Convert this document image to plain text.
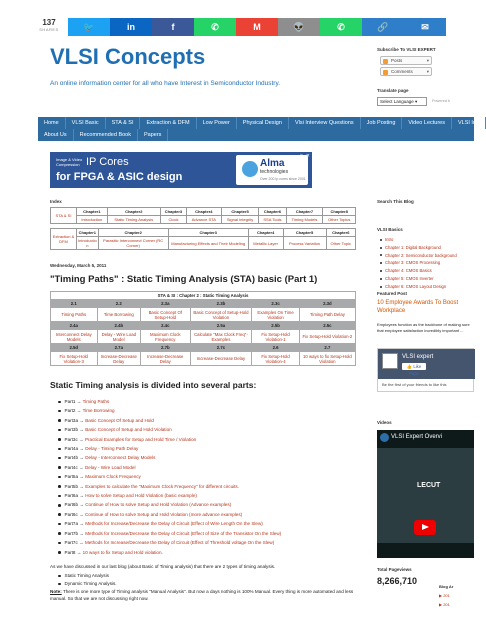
137
SHARES	🐦	in	f	✆	M	👽	✆	🔗	✉
VLSI Concepts
An online information center for all who have Interest in Semiconductor Industry.
Home	VLSI Basic	STA & SI	Extraction & DFM	Low Power	Physical Design	Vlsi Interview Questions	Job Posting	Video Lectures	VLSI Ind
About Us	Recommended Book	Papers
Image & Video
Compression IP Cores
for FPGA & ASIC design
Alma
technologies
Over 200 Ip cores since 2001
▷ ✕
Index
STA & SI	Chapter1	Chapter2	Chapter3	Chapter4	Chapter5	Chapter6	Chapter7	Chapter8
	Introduction	Static Timing Analysis	Clock	Advance STA	Signal Integrity	SSA Tools	Timing Models	Other Topics
Extraction & DFM	Chapter1	Chapter2	Chapter3	Chapter4	Chapter5	Chapter6
	Introductio n	Parasitic Interconnect Corner (RC Corner)	Manufacturing Effects and Their Modeling	Metallic Layer	Process Variation	Other Topic
Wednesday, March 5, 2011
"Timing Paths" : Static Timing Analysis (STA) basic (Part 1)
STA & SI : Chapter 2 : Static Timing Analysis					
2.1	2.2	2.3a	2.3b	2.3c	2.3d
Timing Paths	Time Borrowing	Basic Concept Of Setup-Hold	Basic Concept of Setup-Hold Violation	Examples On Time Violation	Timing Path Delay
2.4a	2.4b	2.4c	2.5a	2.5b	2.5c
Interconnect Delay Models	Delay - Wire Load Model	Maximum Clock Frequency	Calculate "Max Clock Freq"- Examples	Fix Setup-Hold Violation-1	Fix Setup-Hold Violation-2
2.5d	2.7a	2.7b	2.7c	2.6	2.7
Fix Setup-Hold Violation-3	Increase-Decrease Delay	Increase-Decrease Delay	Increase-Decrease Delay	Fix Setup-Hold Violation-4	10 ways to fix Setup-Hold Violation
Static Timing analysis is divided into several parts:
Part1 → Timing Paths
Part2 → Time Borrowing
Part3a → Basic Concept Of Setup and Hold
Part3b → Basic Concept of Setup and Hold Violation
Part3c → Practical Examples for Setup and Hold Time / Violation
Part4a → Delay - Timing Path Delay
Part4b → Delay - Interconnect Delay Models
Part4c → Delay - Wire Load Model
Part5a → Maximum Clock Frequency
Part5b → Examples to calculate the "Maximum Clock Frequency" for different circuits.
Part6a → How to solve Setup and Hold Violation (basic example)
Part6b → Continue of How to solve Setup and Hold Violation (Advance examples)
Part6c → Continue of How to solve Setup and Hold Violation (more advance examples)
Part7a → Methods for Increase/Decrease the Delay of Circuit (Effect of Wire Length On the Slew)
Part7b → Methods for Increase/Decrease the Delay of Circuit (Effect of Size of the Transistor On the Slew)
Part7c → Methods for Increase/Decrease the Delay of Circuit (Effect of Threshold voltage On the Slew)
Part8 → 10 ways to fix Setup and Hold violation.
As we have discussed in our last blog (about Basic of Timing analysis) that there are 2 types of timing analysis.
Static Timing Analysis
Dynamic Timing Analysis.
Note: There is one more type of Timing analysis "Manual Analysis". But now a days nothing is 100% Manual. Every thing is more automated and less manual. So that we are not discussing right now.
Subscribe To VLSI EXPERT
Posts	▾
Comments	▾
Translate page
Select Language ▾	Powered b
Search This Blog
VLSI Basics
Intro
Chapter 1: Digital Background
Chapter 2: Semiconductor background
Chapter 3: CMOS Processing
Chapter 4: CMOS Basics
Chapter 5: CMOS Inverter
Chapter 6: CMOS Layout Design
Featured Post
10 Employee Awards To Boost Workplace
Employees function as the backbone of making sure that employee satisfaction incredibly important ...
VLSI expert
👍 Like Page
Be the first of your friends to like this
Videos
VLSI Expert Overvi
LECUT
Total Pageviews
8,266,710
Blog Ar
▶ 201
▶ 201
